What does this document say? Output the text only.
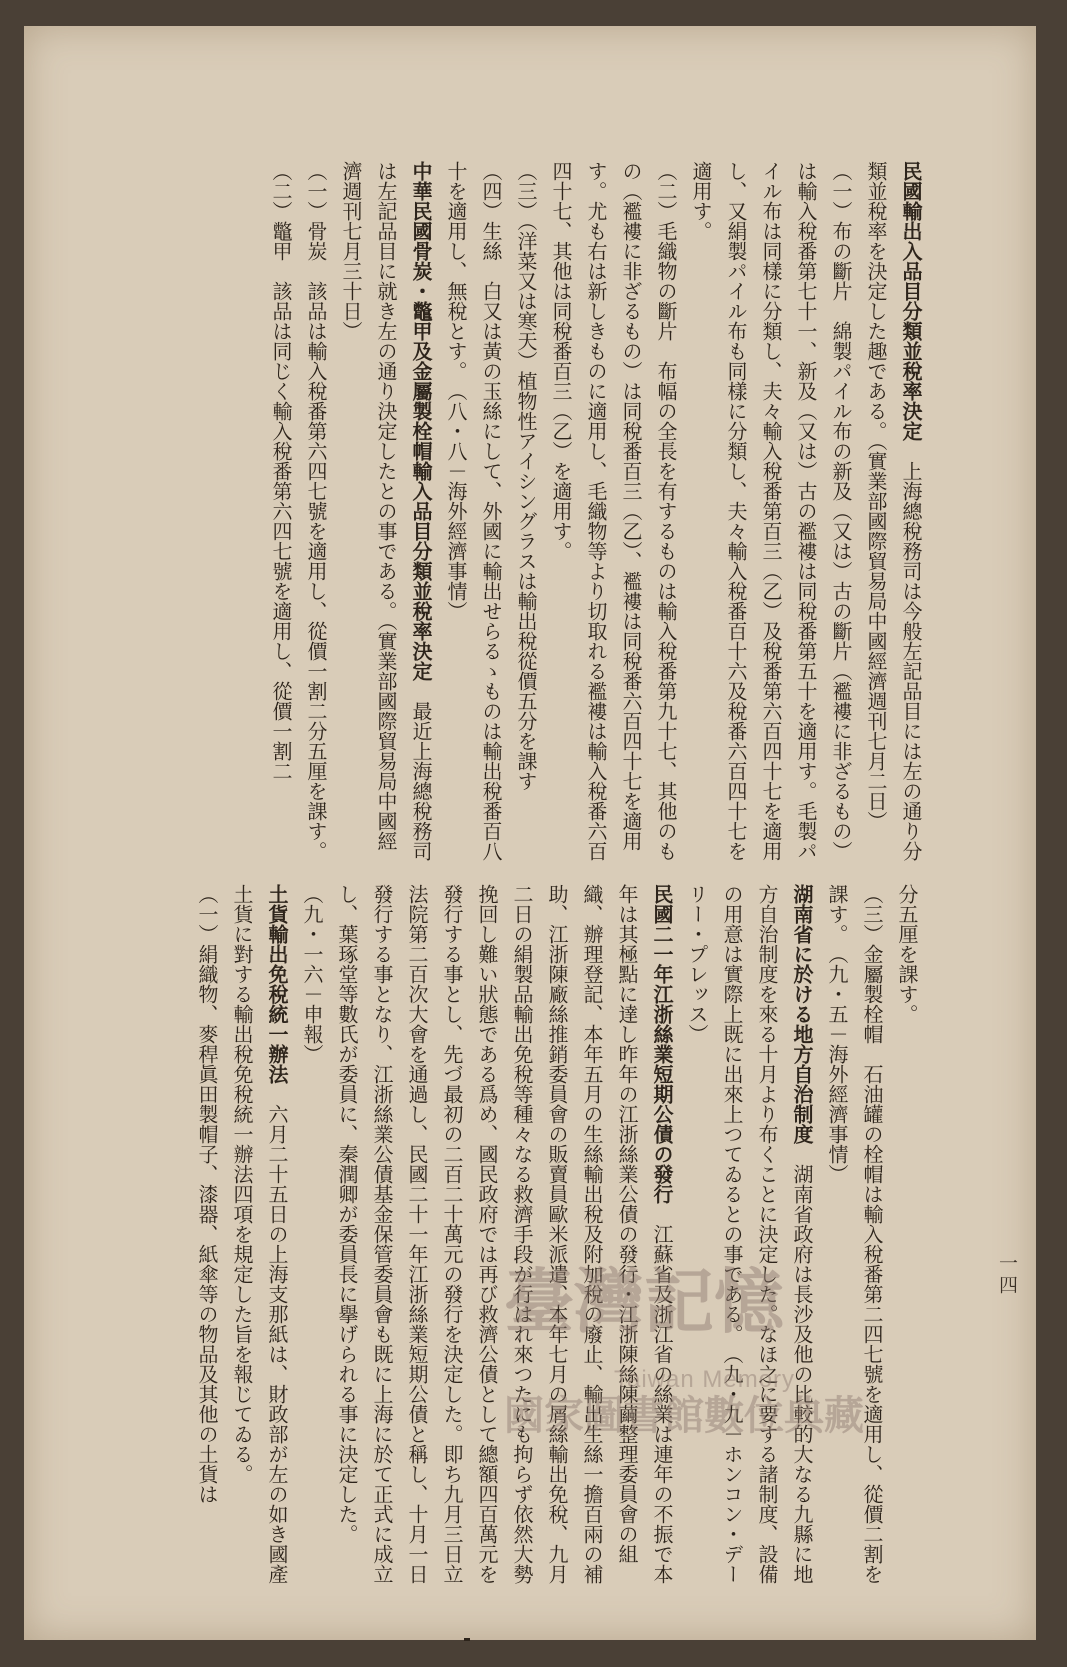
一四

民國輸出入品目分類並稅率決定　上海總稅務司は今般左記品目には左の通り分類並稅率を決定した趣である。（實業部國際貿易局中國經濟週刊七月二日）

（一）布の斷片　綿製パイル布の新及（又は）古の斷片（襤褸に非ざるもの）は輸入稅番第七十一、新及（又は）古の襤褸は同稅番第五十を適用す。毛製パイル布は同樣に分類し、夫々輸入稅番第百三（乙）及稅番第六百四十七を適用し、又絹製パイル布も同樣に分類し、夫々輸入稅番百十六及稅番六百四十七を適用す。

（二）毛織物の斷片　布幅の全長を有するものは輸入稅番第九十七、其他のもの（襤褸に非ざるもの）は同稅番百三（乙）、襤褸は同稅番六百四十七を適用す。尤も右は新しきものに適用し、毛織物等より切取れる襤褸は輸入稅番六百四十七、其他は同稅番百三（乙）を適用す。

（三）（洋菜又は寒天）植物性アイシングラスは輸出稅從價五分を課す

（四）生絲　白又は黃の玉絲にして、外國に輸出せらるゝものは輸出稅番百八十を適用し、無稅とす。　（八・八－海外經濟事情）

中華民國骨炭・鼈甲及金屬製栓帽輸入品目分類並稅率決定　最近上海總稅務司は左記品目に就き左の通り決定したとの事である。（實業部國際貿易局中國經濟週刊七月三十日）

（一）骨炭　該品は輸入稅番第六四七號を適用し、從價一割二分五厘を課す。

（二）鼈甲　該品は同じく輸入稅番第六四七號を適用し、從價一割二

分五厘を課す。

（三）金屬製栓帽　石油罐の栓帽は輸入稅番第二四七號を適用し、從價二割を課す。　（九・五－海外經濟事情）

湖南省に於ける地方自治制度　湖南省政府は長沙及他の比較的大なる九縣に地方自治制度を來る十月より布くことに決定した。なほ之に要する諸制度、設備の用意は實際上既に出來上つてゐるとの事である。　（九・九－ホンコン・デーリー・プレッス）

民國二一年江浙絲業短期公債の發行　江蘇省及浙江省の絲業は連年の不振で本年は其極點に達し昨年の江浙絲業公債の發行・江浙陳絲陳繭整理委員會の組織、辦理登記、本年五月の生絲輸出稅及附加稅の廢止、輸出生絲一擔百兩の補助、江浙陳廠絲推銷委員會の販賣員歐米派遣、本年七月の屑絲輸出免稅、九月二日の絹製品輸出免稅等種々なる救濟手段が行はれ來つたにも拘らず依然大勢挽回し難い狀態である爲め、國民政府では再び救濟公債として總額四百萬元を發行する事とし、先づ最初の二百二十萬元の發行を決定した。即ち九月三日立法院第二百次大會を通過し、民國二十一年江浙絲業短期公債と稱し、十月一日發行する事となり、江浙絲業公債基金保管委員會も既に上海に於て正式に成立し、葉琢堂等數氏が委員に、秦潤卿が委員長に擧げられる事に決定した。　（九・一六－申報）

土貨輸出免稅統一辦法　六月二十五日の上海支那紙は、財政部が左の如き國產土貨に對する輸出稅免稅統一辦法四項を規定した旨を報じてゐる。

（一）絹織物、麥稈眞田製帽子、漆器、紙傘等の物品及其他の土貨は	臺灣記憶
Taiwan Memory
國家圖書館數位典藏
